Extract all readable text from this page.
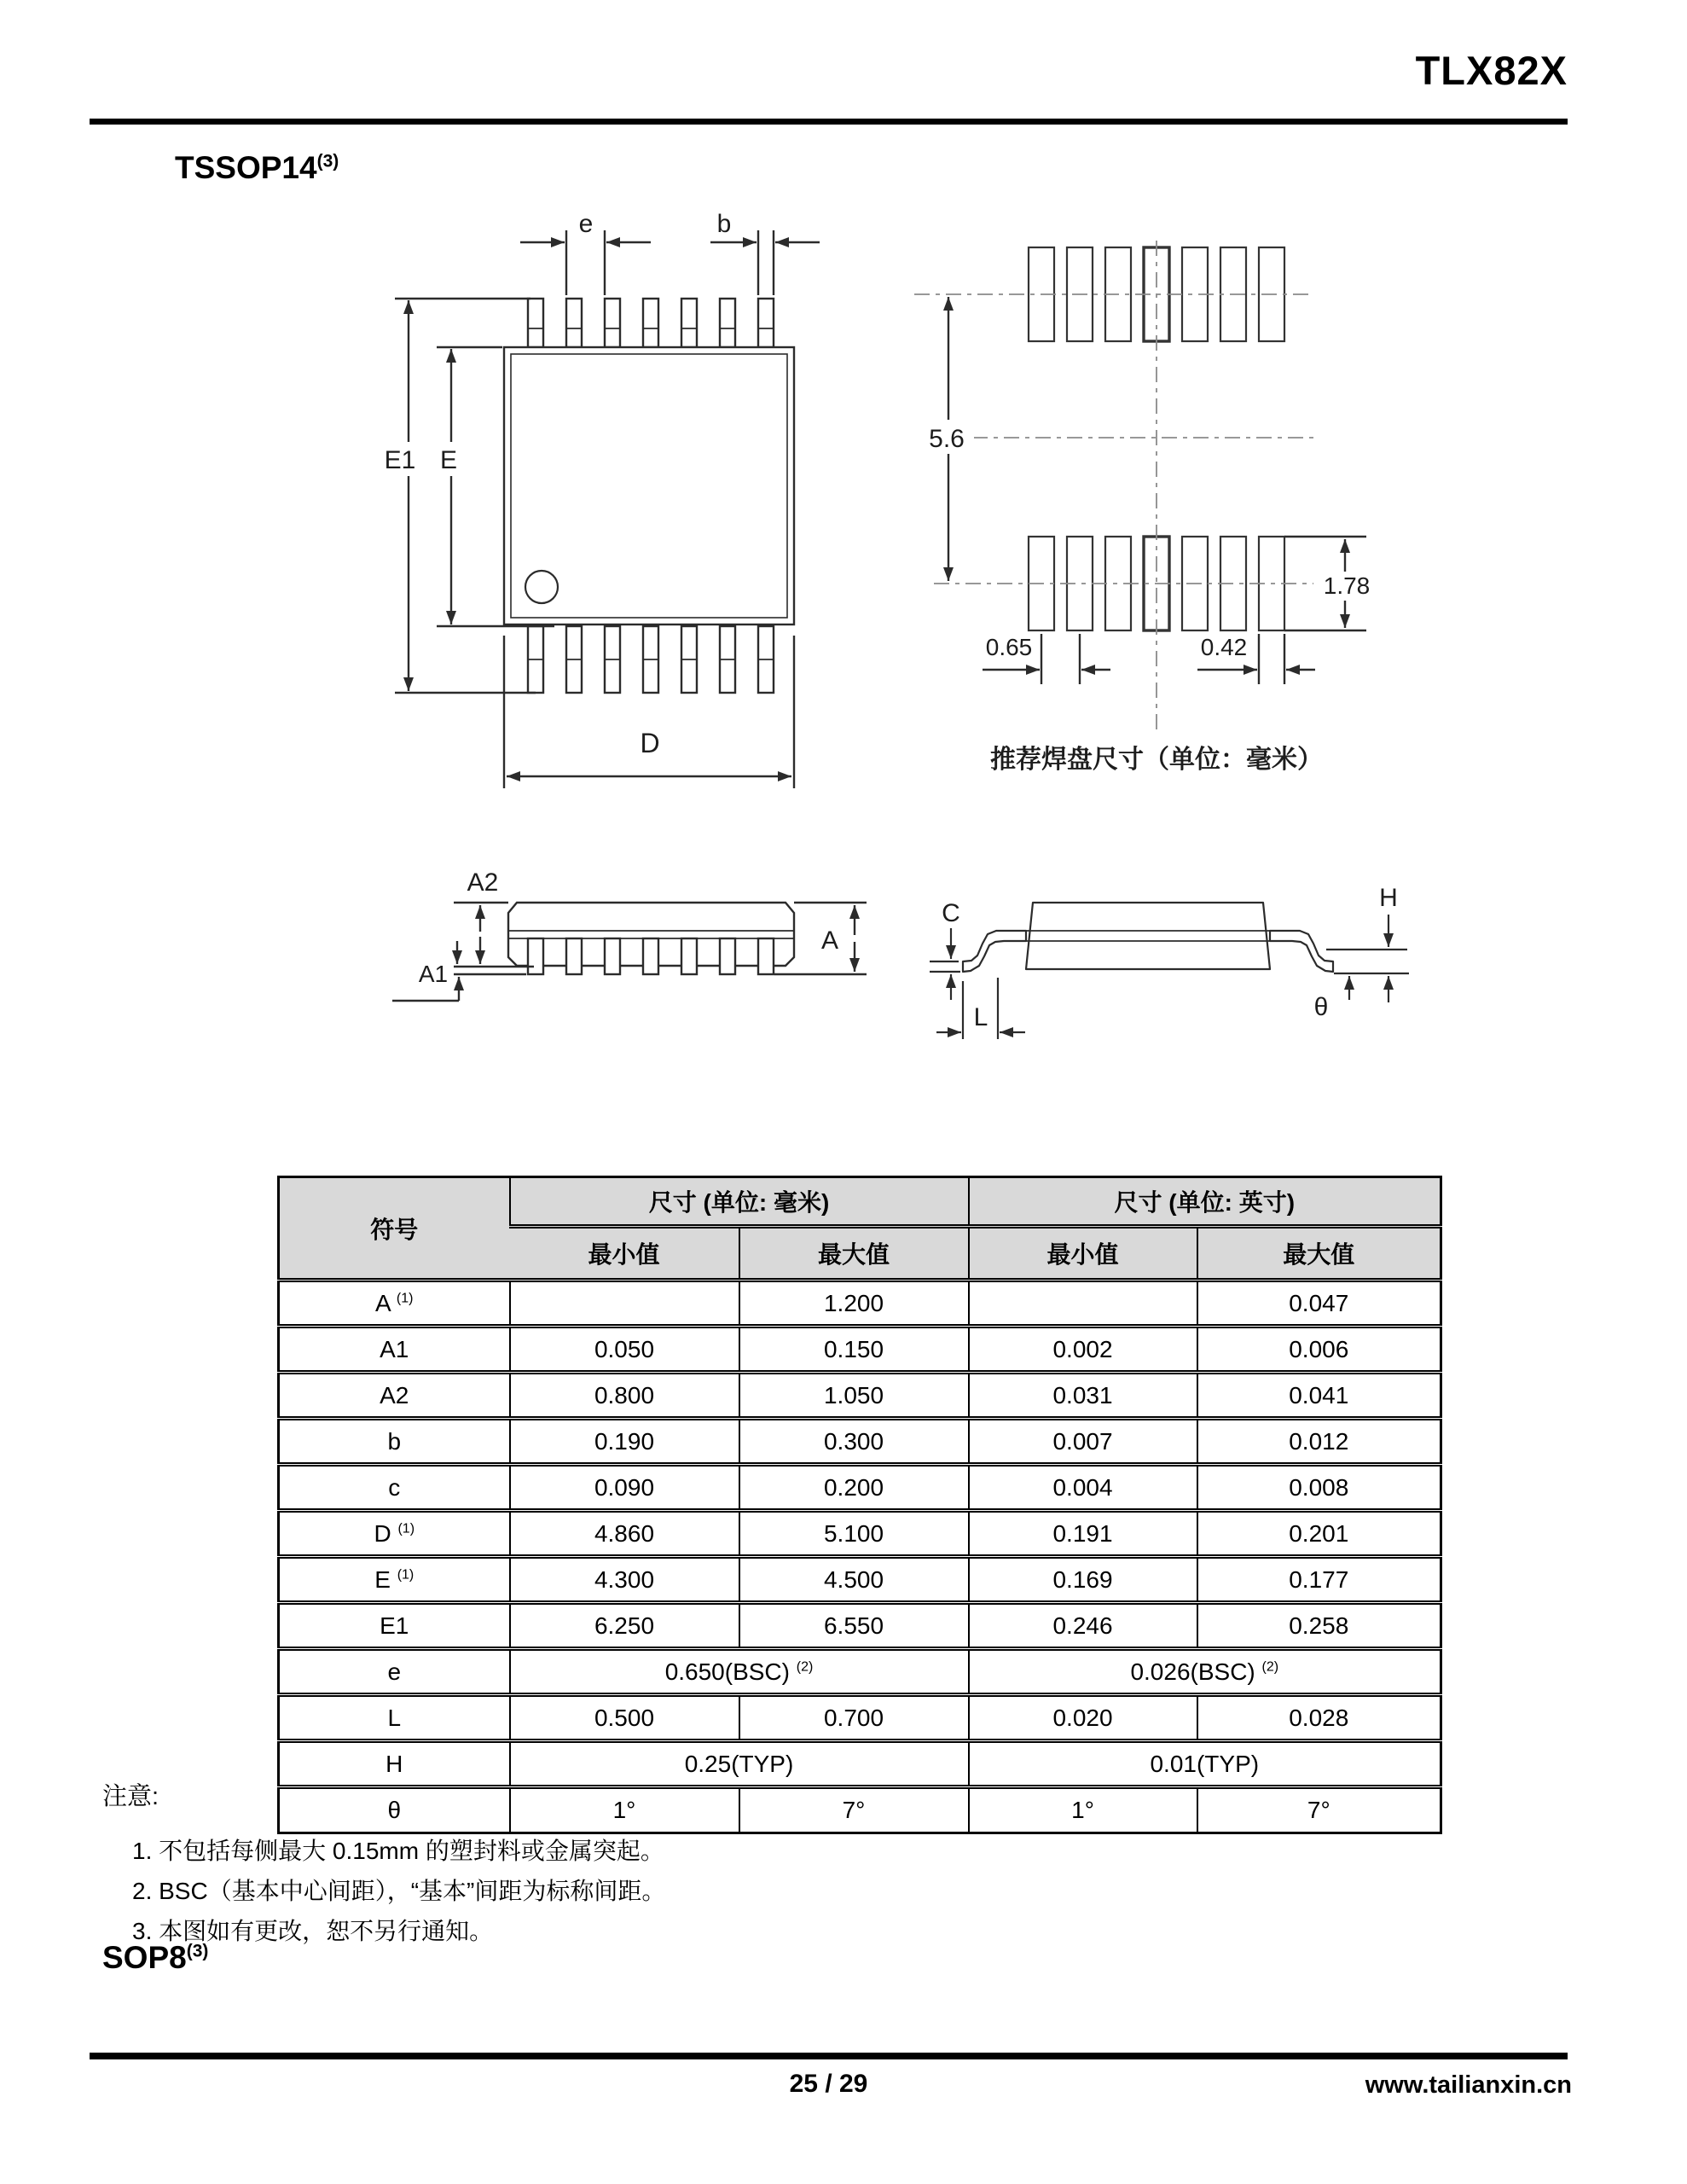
TLX82X
TSSOP14$^{(3)}$
e	b
E1 E
D
5.6
1.78
0.65	0.42
推荐焊盘尺寸（单位：毫米）
A2
A1
A
C
L
H
θ
符号	尺寸 (单位: 毫米)		尺寸 (单位: 英寸)	
	最小值	最大值	最小值	最大值
A $^{(1)}$		1.200		0.047
A1	0.050	0.150	0.002	0.006
A2	0.800	1.050	0.031	0.041
b	0.190	0.300	0.007	0.012
c	0.090	0.200	0.004	0.008
D $^{(1)}$	4.860	5.100	0.191	0.201
E $^{(1)}$	4.300	4.500	0.169	0.177
E1	6.250	6.550	0.246	0.258
e	0.650(BSC) $^{(2)}$		0.026(BSC) $^{(2)}$
L	0.500	0.700	0.020	0.028
H	0.25(TYP)		0.01(TYP)	
θ	1°	7°	1°	7°
注意:
1. 不包括每侧最大 0.15mm 的塑封料或金属突起。
2. BSC（基本中心间距），“基本”间距为标称间距。
3. 本图如有更改，恕不另行通知。
SOP8$^{(3)}$
25 / 29	www.tailianxin.cn
